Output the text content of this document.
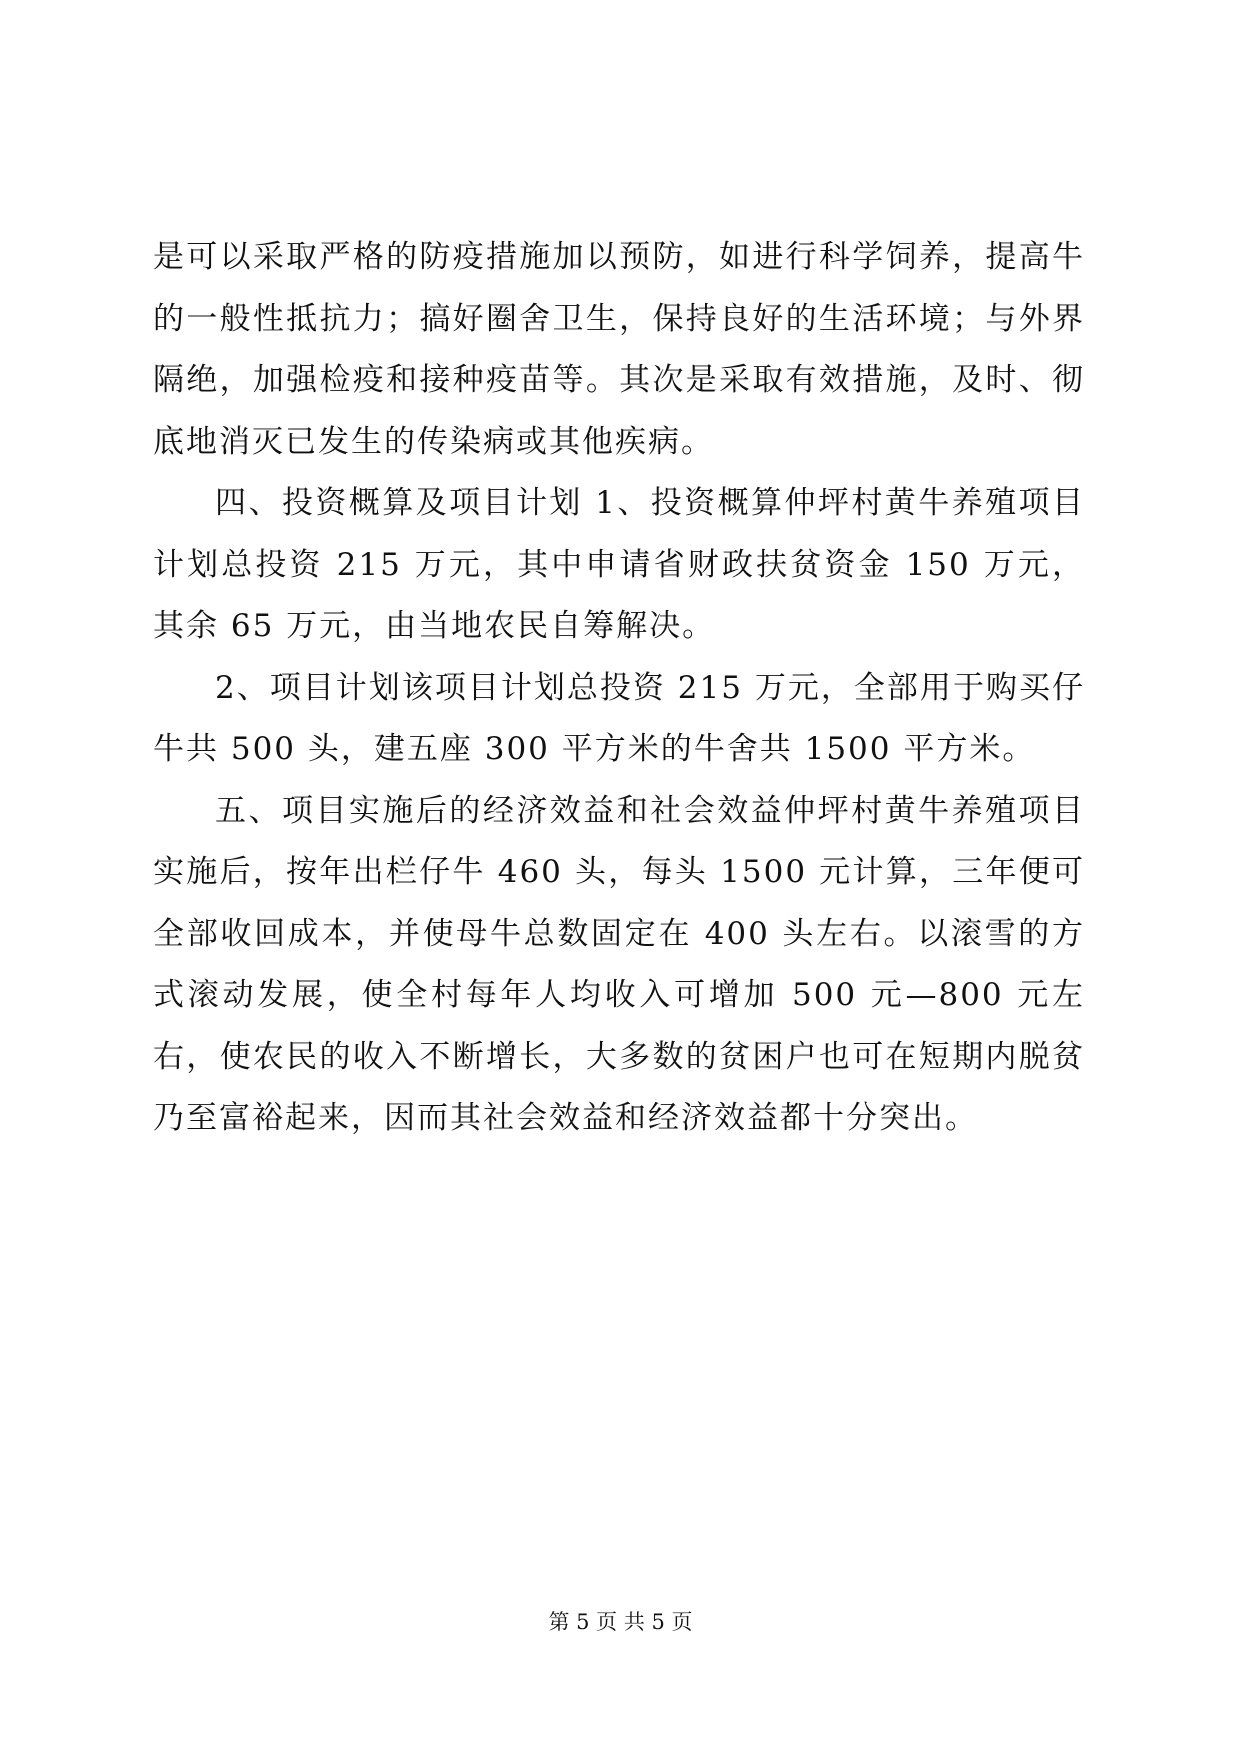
是可以采取严格的防疫措施加以预防，如进行科学饲养，提高牛的一般性抵抗力；搞好圈舍卫生，保持良好的生活环境；与外界隔绝，加强检疫和接种疫苗等。其次是采取有效措施，及时、彻底地消灭已发生的传染病或其他疾病。

四、投资概算及项目计划 1、投资概算仲坪村黄牛养殖项目计划总投资 215 万元，其中申请省财政扶贫资金 150 万元，其余 65 万元，由当地农民自筹解决。

2、项目计划该项目计划总投资 215 万元，全部用于购买仔牛共 500 头，建五座 300 平方米的牛舍共 1500 平方米。

五、项目实施后的经济效益和社会效益仲坪村黄牛养殖项目实施后，按年出栏仔牛 460 头，每头 1500 元计算，三年便可全部收回成本，并使母牛总数固定在 400 头左右。以滚雪的方式滚动发展，使全村每年人均收入可增加 500 元—800 元左右，使农民的收入不断增长，大多数的贫困户也可在短期内脱贫乃至富裕起来，因而其社会效益和经济效益都十分突出。

第 5 页 共 5 页
